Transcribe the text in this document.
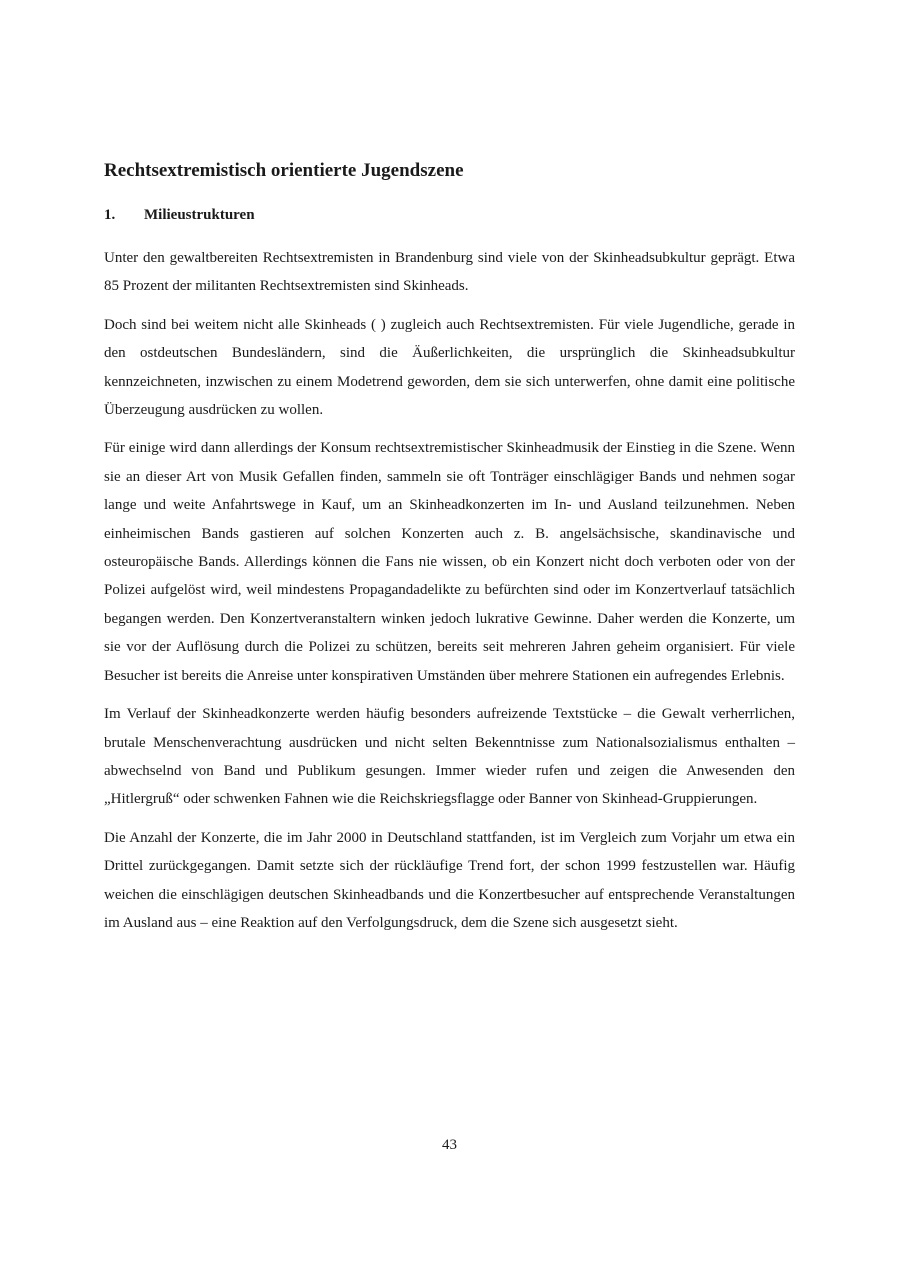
Rechtsextremistisch orientierte Jugendszene
1. Milieustrukturen

Unter den gewaltbereiten Rechtsextremisten in Brandenburg sind viele von der Skinheadsubkultur geprägt. Etwa 85 Prozent der militanten Rechtsextremisten sind Skinheads.

Doch sind bei weitem nicht alle Skinheads ( ) zugleich auch Rechtsextremisten. Für viele Jugendliche, gerade in den ostdeutschen Bundesländern, sind die Äußerlichkeiten, die ursprünglich die Skinheadsubkultur kennzeichneten, inzwischen zu einem Modetrend geworden, dem sie sich unterwerfen, ohne damit eine politische Überzeugung ausdrücken zu wollen.

Für einige wird dann allerdings der Konsum rechtsextremistischer Skinheadmusik der Einstieg in die Szene. Wenn sie an dieser Art von Musik Gefallen finden, sammeln sie oft Tonträger einschlägiger Bands und nehmen sogar lange und weite Anfahrtswege in Kauf, um an Skinheadkonzerten im In- und Ausland teilzunehmen. Neben einheimischen Bands gastieren auf solchen Konzerten auch z. B. angelsächsische, skandinavische und osteuropäische Bands. Allerdings können die Fans nie wissen, ob ein Konzert nicht doch verboten oder von der Polizei aufgelöst wird, weil mindestens Propagandadelikte zu befürchten sind oder im Konzertverlauf tatsächlich begangen werden. Den Konzertveranstaltern winken jedoch lukrative Gewinne. Daher werden die Konzerte, um sie vor der Auflösung durch die Polizei zu schützen, bereits seit mehreren Jahren geheim organisiert. Für viele Besucher ist bereits die Anreise unter konspirativen Umständen über mehrere Stationen ein aufregendes Erlebnis.

Im Verlauf der Skinheadkonzerte werden häufig besonders aufreizende Textstücke – die Gewalt verherrlichen, brutale Menschenverachtung ausdrücken und nicht selten Bekenntnisse zum Nationalsozialismus enthalten – abwechselnd von Band und Publikum gesungen. Immer wieder rufen und zeigen die Anwesenden den „Hitlergruß“ oder schwenken Fahnen wie die Reichskriegsflagge oder Banner von Skinhead-Gruppierungen.

Die Anzahl der Konzerte, die im Jahr 2000 in Deutschland stattfanden, ist im Vergleich zum Vorjahr um etwa ein Drittel zurückgegangen. Damit setzte sich der rückläufige Trend fort, der schon 1999 festzustellen war. Häufig weichen die einschlägigen deutschen Skinheadbands und die Konzertbesucher auf entsprechende Veranstaltungen im Ausland aus – eine Reaktion auf den Verfolgungsdruck, dem die Szene sich ausgesetzt sieht.

43
